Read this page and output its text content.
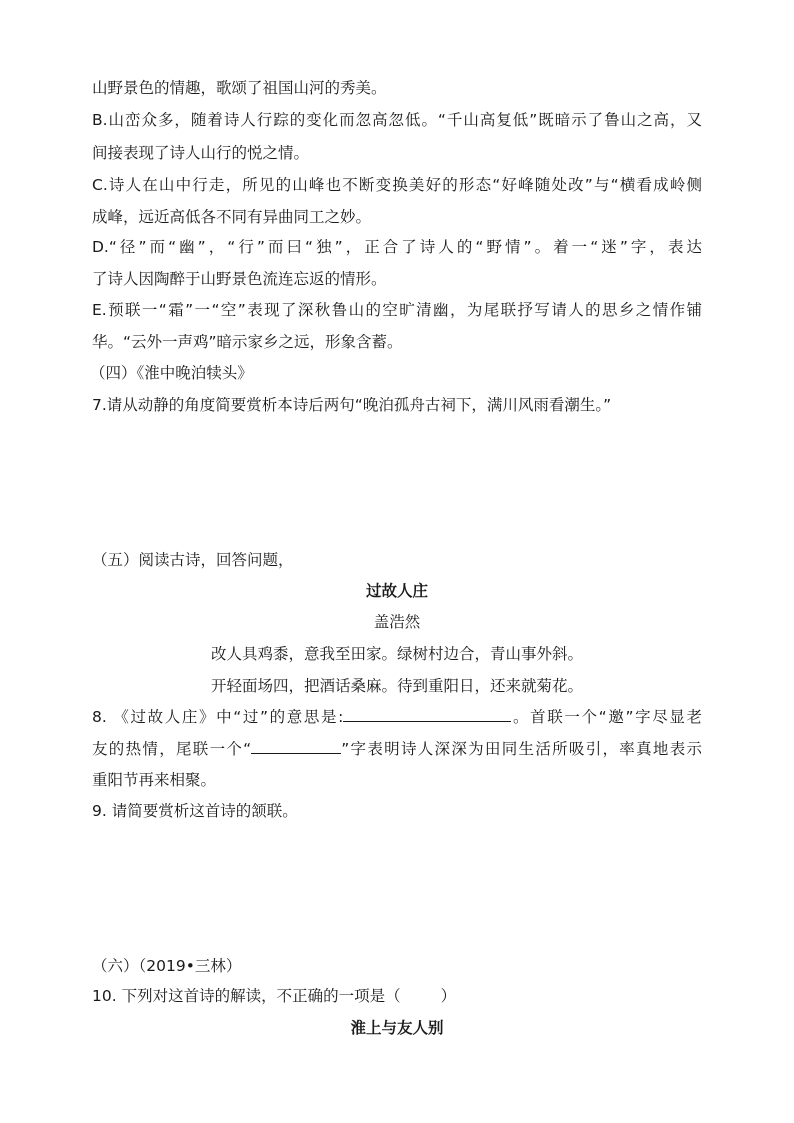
山野景色的情趣，歌颂了祖国山河的秀美。
B.山峦众多，随着诗人行踪的变化而忽高忽低。“千山高复低”既暗示了鲁山之高，又
间接表现了诗人山行的悦之情。
C.诗人在山中行走，所见的山峰也不断变换美好的形态“好峰随处改”与“横看成岭侧
成峰，远近高低各不同有异曲同工之妙。
D.“径”而“幽”，“行”而曰“独”，正合了诗人的“野情”。着一“迷”字，表达
了诗人因陶醉于山野景色流连忘返的情形。
E.预联一“霜”一“空”表现了深秋鲁山的空旷清幽，为尾联抒写请人的思乡之情作铺
华。“云外一声鸡”暗示家乡之远，形象含蓄。
（四）《淮中晚泊犊头》
7.请从动静的角度简要赏析本诗后两句“晚泊孤舟古祠下，满川风雨看潮生。”
（五）阅读古诗，回答问题，
过故人庄
盖浩然
改人具鸡黍，意我至田家。绿树村边合，青山事外斜。
开轻面场四，把酒话桑麻。待到重阳日，还来就菊花。
8. 《过故人庄》中“过”的意思是:	。首联一个“邀”字尽显老
友的热情，尾联一个“	”字表明诗人深深为田同生活所吸引，率真地表示
重阳节再来相聚。
9. 请简要赏析这首诗的颔联。
（六）（2019•三林）
10. 下列对这首诗的解读，不正确的一项是（	）
淮上与友人别
